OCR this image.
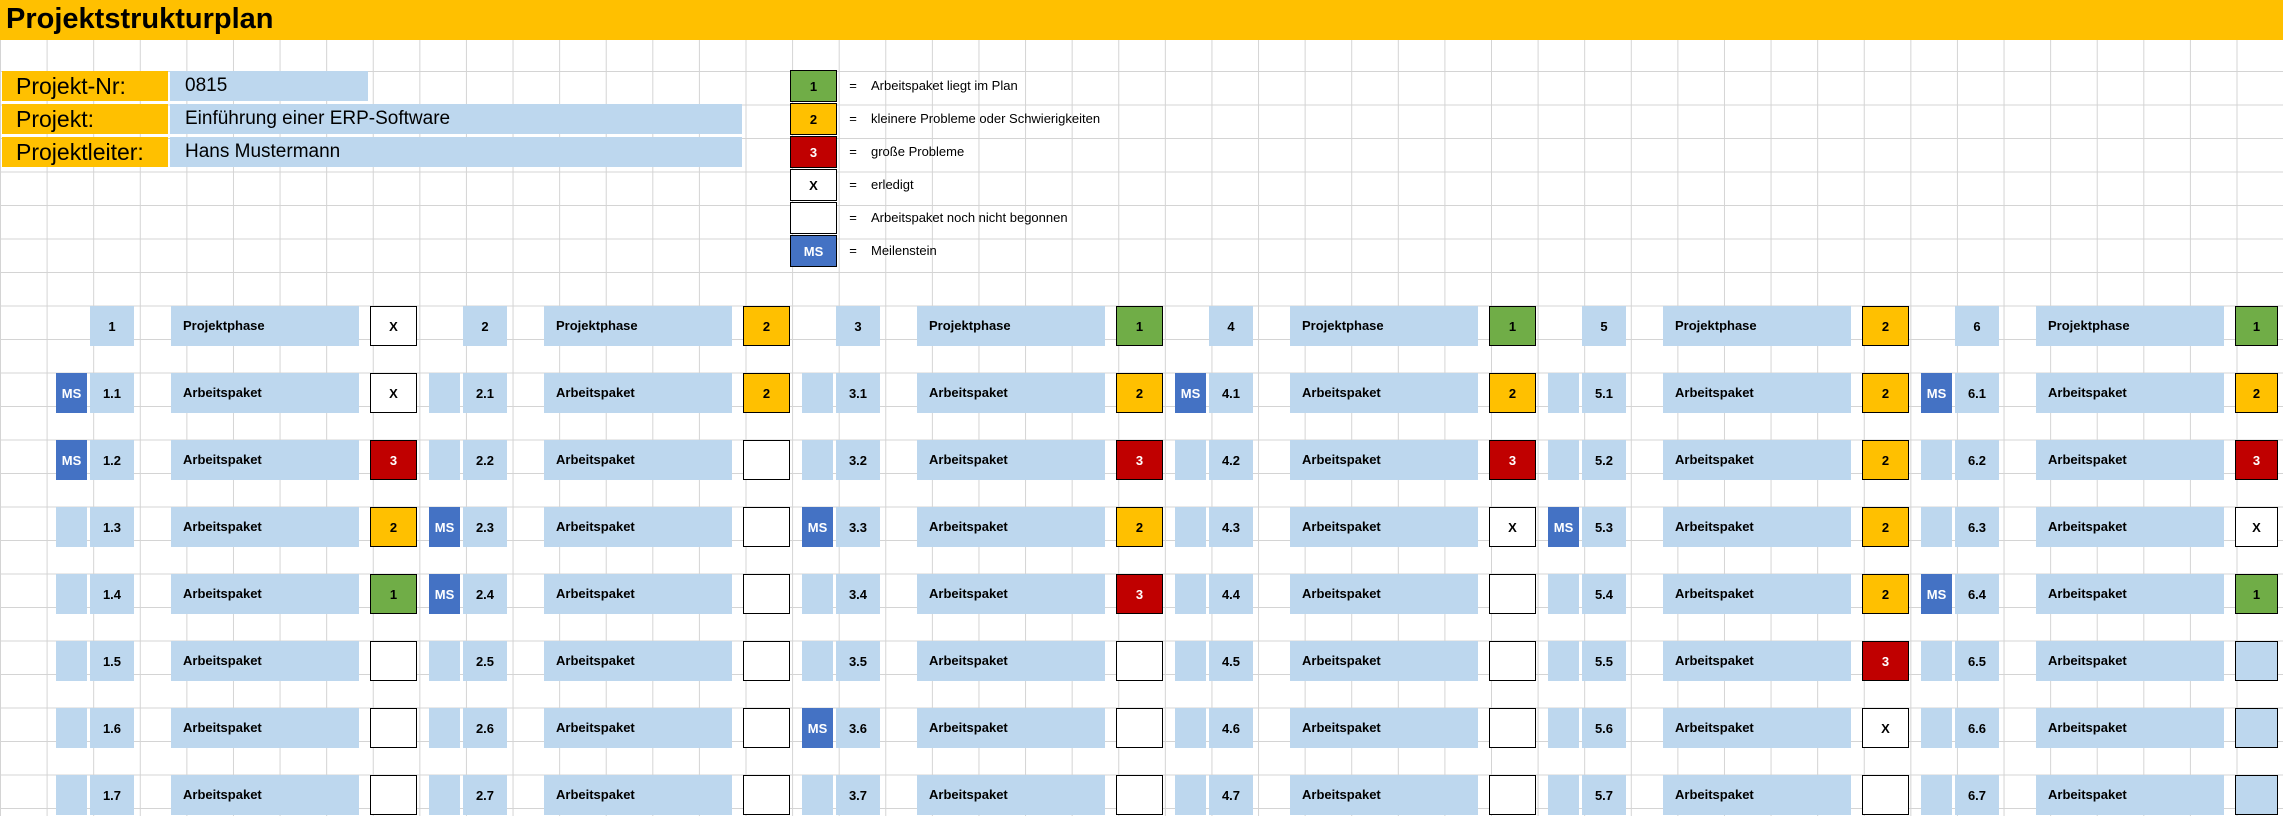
Projektstrukturplan
Projekt-Nr:	0815
Projekt:	Einführung einer ERP-Software
Projektleiter:	Hans Mustermann
1	=	Arbeitspaket liegt im Plan
2	=	kleinere Probleme oder Schwierigkeiten
3	=	große Probleme
X	=	erledigt
=	Arbeitspaket noch nicht begonnen
MS	=	Meilenstein
1	Projektphase	X
MS	1.1	Arbeitspaket	X
MS	1.2	Arbeitspaket	3
1.3	Arbeitspaket	2
1.4	Arbeitspaket	1
1.5	Arbeitspaket
1.6	Arbeitspaket
1.7	Arbeitspaket
2	Projektphase	2
2.1	Arbeitspaket	2
2.2	Arbeitspaket
MS	2.3	Arbeitspaket
MS	2.4	Arbeitspaket
2.5	Arbeitspaket
2.6	Arbeitspaket
2.7	Arbeitspaket
3	Projektphase	1
3.1	Arbeitspaket	2
3.2	Arbeitspaket	3
MS	3.3	Arbeitspaket	2
3.4	Arbeitspaket	3
3.5	Arbeitspaket
MS	3.6	Arbeitspaket
3.7	Arbeitspaket
4	Projektphase	1
MS	4.1	Arbeitspaket	2
4.2	Arbeitspaket	3
4.3	Arbeitspaket	X
4.4	Arbeitspaket
4.5	Arbeitspaket
4.6	Arbeitspaket
4.7	Arbeitspaket
5	Projektphase	2
5.1	Arbeitspaket	2
5.2	Arbeitspaket	2
MS	5.3	Arbeitspaket	2
5.4	Arbeitspaket	2
5.5	Arbeitspaket	3
5.6	Arbeitspaket	X
5.7	Arbeitspaket
6	Projektphase	1
MS	6.1	Arbeitspaket	2
6.2	Arbeitspaket	3
6.3	Arbeitspaket	X
MS	6.4	Arbeitspaket	1
6.5	Arbeitspaket
6.6	Arbeitspaket
6.7	Arbeitspaket
